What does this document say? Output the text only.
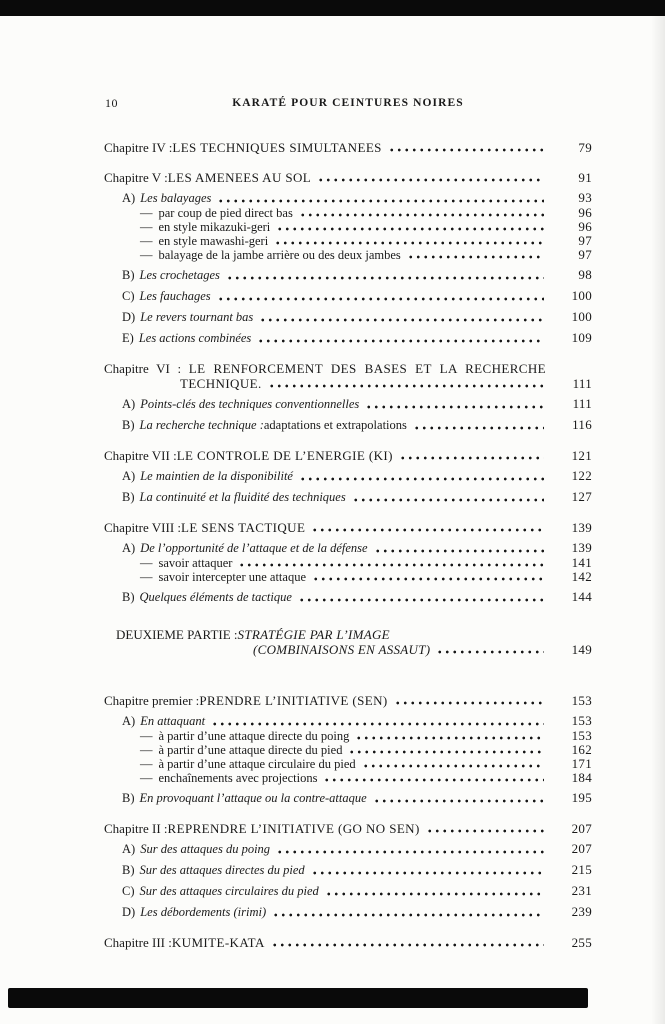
10	KARATÉ POUR CEINTURES NOIRES
Chapitre IV : LES TECHNIQUES SIMULTANEES	79
Chapitre V : LES AMENEES AU SOL	91
A) Les balayages	93
— par coup de pied direct bas	96
— en style mikazuki-geri	96
— en style mawashi-geri	97
— balayage de la jambe arrière ou des deux jambes	97
B) Les crochetages	98
C) Les fauchages	100
D) Le revers tournant bas	100
E) Les actions combinées	109
Chapitre VI : LE RENFORCEMENT DES BASES ET LA RECHERCHE
TECHNIQUE.	111
A) Points-clés des techniques conventionnelles	111
B) La recherche technique : adaptations et extrapolations	116
Chapitre VII : LE CONTROLE DE L’ENERGIE (KI)	121
A) Le maintien de la disponibilité	122
B) La continuité et la fluidité des techniques	127
Chapitre VIII : LE SENS TACTIQUE	139
A) De l’opportunité de l’attaque et de la défense	139
— savoir attaquer	141
— savoir intercepter une attaque	142
B) Quelques éléments de tactique	144
DEUXIEME PARTIE : STRATÉGIE PAR L’IMAGE
(COMBINAISONS EN ASSAUT)	149
Chapitre premier : PRENDRE L’INITIATIVE (SEN)	153
A) En attaquant	153
— à partir d’une attaque directe du poing	153
— à partir d’une attaque directe du pied	162
— à partir d’une attaque circulaire du pied	171
— enchaînements avec projections	184
B) En provoquant l’attaque ou la contre-attaque	195
Chapitre II : REPRENDRE L’INITIATIVE (GO NO SEN)	207
A) Sur des attaques du poing	207
B) Sur des attaques directes du pied	215
C) Sur des attaques circulaires du pied	231
D) Les débordements (irimi)	239
Chapitre III : KUMITE-KATA	255
